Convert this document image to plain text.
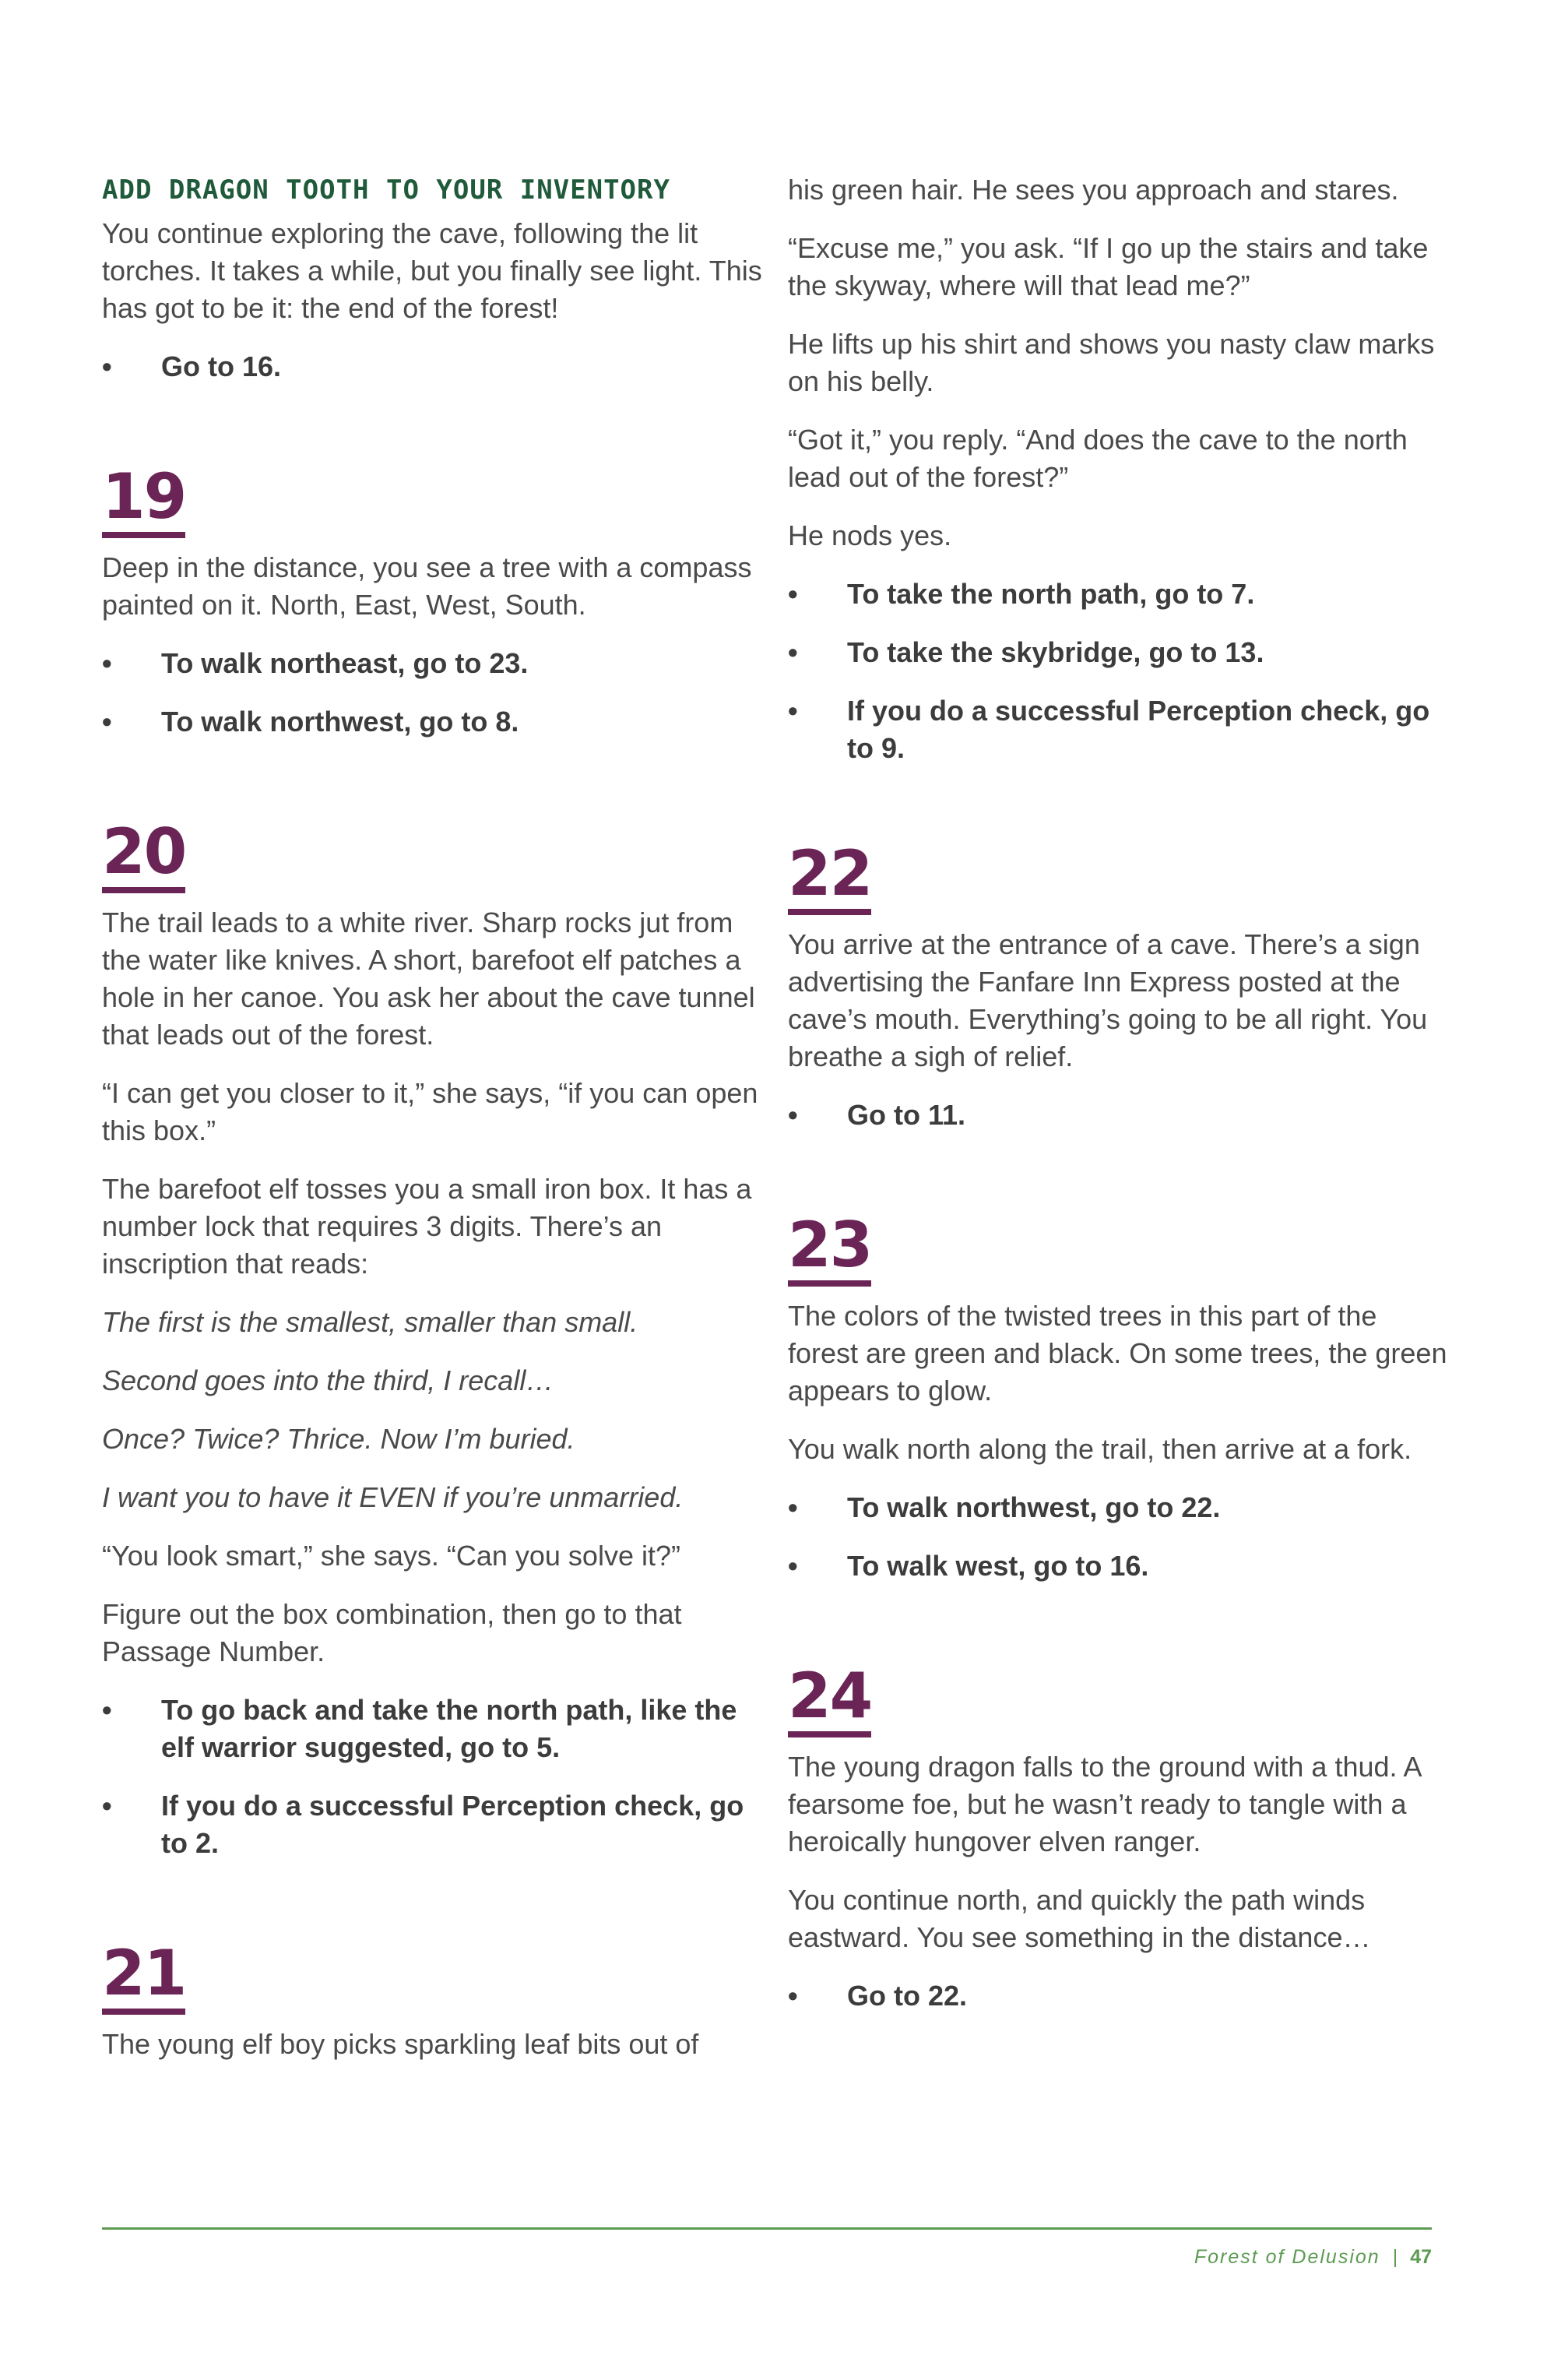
ADD DRAGON TOOTH TO YOUR INVENTORY

You continue exploring the cave, following the lit torches. It takes a while, but you finally see light. This has got to be it: the end of the forest!

• Go to 16.
19

Deep in the distance, you see a tree with a compass painted on it. North, East, West, South.

• To walk northeast, go to 23.
• To walk northwest, go to 8.
20

The trail leads to a white river. Sharp rocks jut from the water like knives. A short, barefoot elf patches a hole in her canoe. You ask her about the cave tunnel that leads out of the forest.

“I can get you closer to it,” she says, “if you can open this box.”

The barefoot elf tosses you a small iron box. It has a number lock that requires 3 digits. There’s an inscription that reads:

The first is the smallest, smaller than small.

Second goes into the third, I recall…

Once? Twice? Thrice. Now I’m buried.

I want you to have it EVEN if you’re unmarried.

“You look smart,” she says. “Can you solve it?”

Figure out the box combination, then go to that Passage Number.

• To go back and take the north path, like the elf warrior suggested, go to 5.
• If you do a successful Perception check, go to 2.
21

The young elf boy picks sparkling leaf bits out of

his green hair. He sees you approach and stares.

“Excuse me,” you ask. “If I go up the stairs and take the skyway, where will that lead me?”

He lifts up his shirt and shows you nasty claw marks on his belly.

“Got it,” you reply. “And does the cave to the north lead out of the forest?”

He nods yes.

• To take the north path, go to 7.
• To take the skybridge, go to 13.
• If you do a successful Perception check, go to 9.
22

You arrive at the entrance of a cave. There’s a sign advertising the Fanfare Inn Express posted at the cave’s mouth. Everything’s going to be all right. You breathe a sigh of relief.

• Go to 11.
23

The colors of the twisted trees in this part of the forest are green and black. On some trees, the green appears to glow.

You walk north along the trail, then arrive at a fork.

• To walk northwest, go to 22.
• To walk west, go to 16.
24

The young dragon falls to the ground with a thud. A fearsome foe, but he wasn’t ready to tangle with a heroically hungover elven ranger.

You continue north, and quickly the path winds eastward. You see something in the distance…

• Go to 22.
Forest of Delusion | 47
